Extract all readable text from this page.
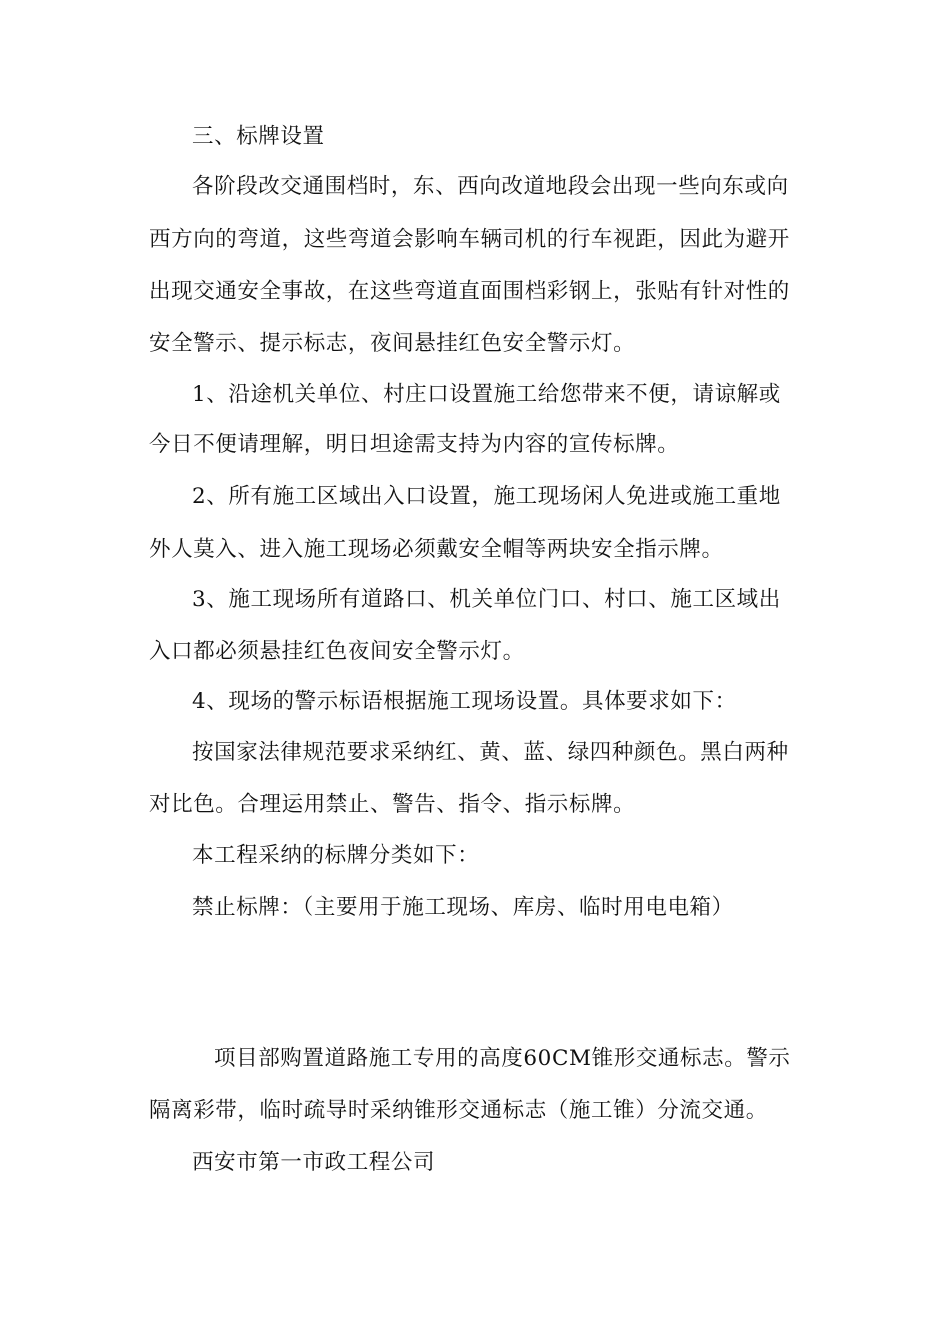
三、标牌设置
各阶段改交通围档时，东、西向改道地段会出现一些向东或向
西方向的弯道，这些弯道会影响车辆司机的行车视距，因此为避开
出现交通安全事故，在这些弯道直面围档彩钢上，张贴有针对性的
安全警示、提示标志，夜间悬挂红色安全警示灯。
1、沿途机关单位、村庄口设置施工给您带来不便，请谅解或
今日不便请理解，明日坦途需支持为内容的宣传标牌。
2、所有施工区域出入口设置，施工现场闲人免进或施工重地
外人莫入、进入施工现场必须戴安全帽等两块安全指示牌。
3、施工现场所有道路口、机关单位门口、村口、施工区域出
入口都必须悬挂红色夜间安全警示灯。
4、现场的警示标语根据施工现场设置。具体要求如下：
按国家法律规范要求采纳红、黄、蓝、绿四种颜色。黑白两种
对比色。合理运用禁止、警告、指令、指示标牌。
本工程采纳的标牌分类如下：
禁止标牌：（主要用于施工现场、库房、临时用电电箱）
项目部购置道路施工专用的高度60CM锥形交通标志。警示
隔离彩带，临时疏导时采纳锥形交通标志（施工锥）分流交通。
西安市第一市政工程公司
